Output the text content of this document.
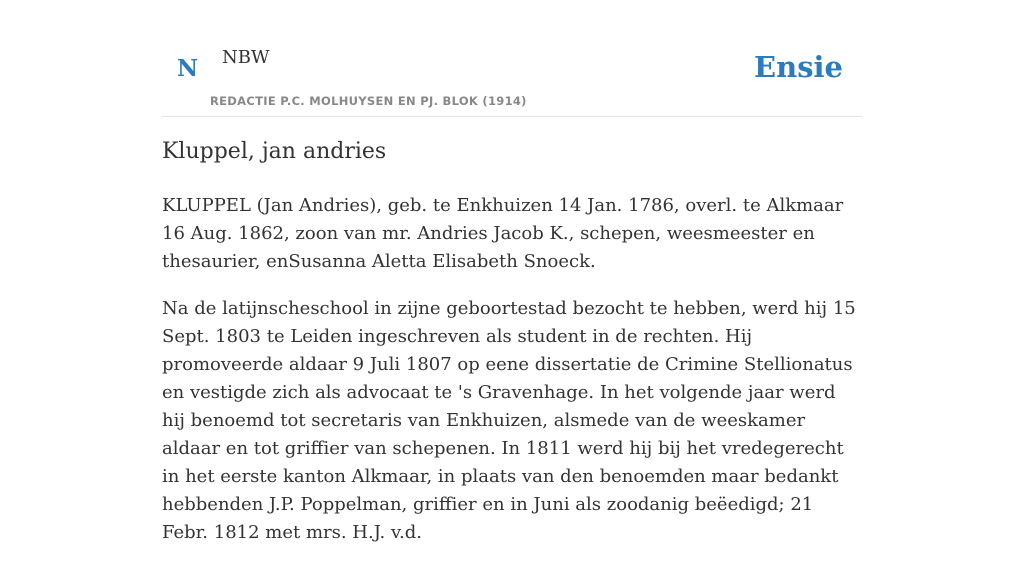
N NBW
REDACTIE P.C. MOLHUYSEN EN PJ. BLOK (1914)
Ensie
Kluppel, jan andries

KLUPPEL (Jan Andries), geb. te Enkhuizen 14 Jan. 1786, overl. te Alkmaar 16 Aug. 1862, zoon van mr. Andries Jacob K., schepen, weesmeester en thesaurier, enSusanna Aletta Elisabeth Snoeck.

Na de latijnscheschool in zijne geboortestad bezocht te hebben, werd hij 15 Sept. 1803 te Leiden ingeschreven als student in de rechten. Hij promoveerde aldaar 9 Juli 1807 op eene dissertatie de Crimine Stellionatus en vestigde zich als advocaat te 's Gravenhage. In het volgende jaar werd hij benoemd tot secretaris van Enkhuizen, alsmede van de weeskamer aldaar en tot griffier van schepenen. In 1811 werd hij bij het vredegerecht in het eerste kanton Alkmaar, in plaats van den benoemden maar bedankt hebbenden J.P. Poppelman, griffier en in Juni als zoodanig beëedigd; 21 Febr. 1812 met mrs. H.J. v.d.
